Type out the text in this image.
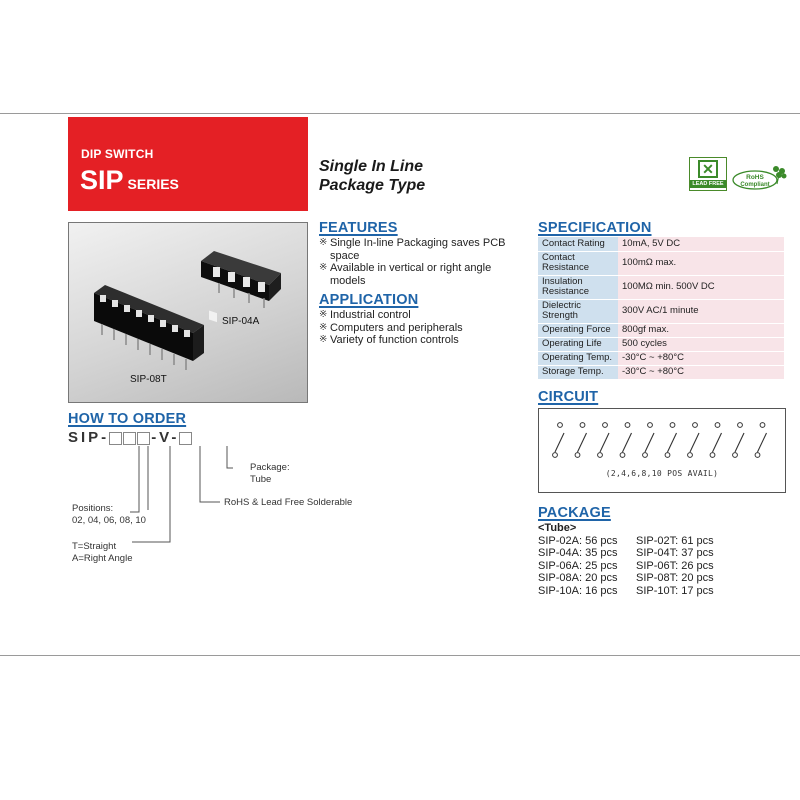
DIP SWITCH
SIP SERIES
Single In Line
Package Type
✕
LEAD FREE
RoHS
Compliant
SIP-04A
SIP-08T
FEATURES
※ Single In-line Packaging saves PCB
space
※ Available in vertical or right angle
models
APPLICATION
※ Industrial control
※ Computers and peripherals
※ Variety of function controls
SPECIFICATION
Contact Rating	10mA, 5V DC

Contact
Resistance	100mΩ max.

Insulation
Resistance	100MΩ min. 500V DC

Dielectric
Strength	300V AC/1 minute

Operating Force	800gf max.

Operating Life	500 cycles

Operating Temp.	-30°C ~ +80°C

Storage Temp.	-30°C ~ +80°C
CIRCUIT
(2,4,6,8,10 POS AVAIL)
PACKAGE
<Tube>
SIP-02A: 56 pcs	SIP-02T: 61 pcs
SIP-04A: 35 pcs	SIP-04T: 37 pcs
SIP-06A: 25 pcs	SIP-06T: 26 pcs
SIP-08A: 20 pcs	SIP-08T: 20 pcs
SIP-10A: 16 pcs	SIP-10T: 17 pcs
HOW TO ORDER
SIP-	-V-
Package:
Tube
RoHS & Lead Free Solderable
Positions:
02, 04, 06, 08, 10
T=Straight
A=Right Angle
